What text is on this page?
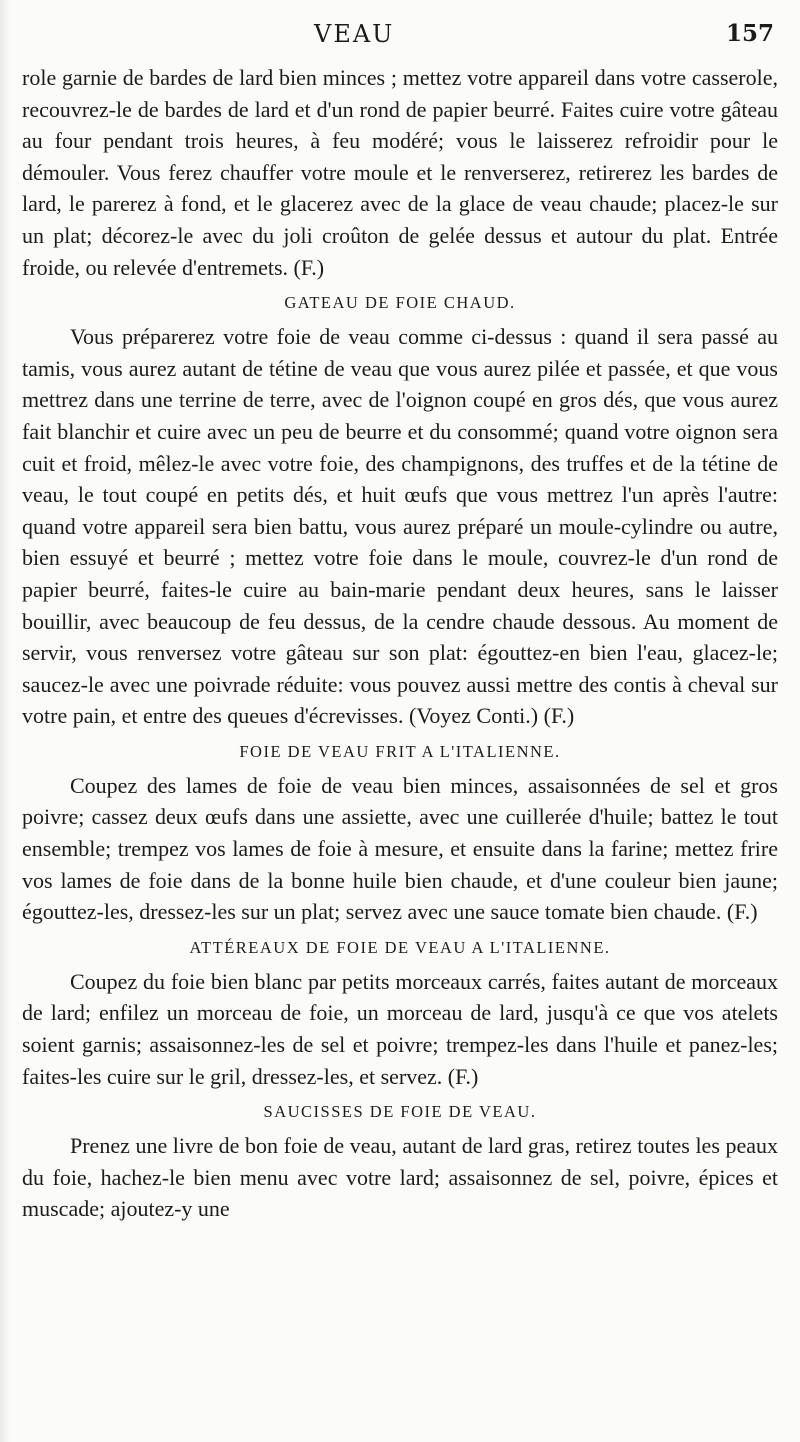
VEAU	157

role garnie de bardes de lard bien minces ; mettez votre appareil dans votre casserole, recouvrez-le de bardes de lard et d'un rond de papier beurré. Faites cuire votre gâteau au four pendant trois heures, à feu modéré; vous le laisserez refroidir pour le démouler. Vous ferez chauffer votre moule et le renverserez, retirerez les bardes de lard, le parerez à fond, et le glacerez avec de la glace de veau chaude; placez-le sur un plat; décorez-le avec du joli croûton de gelée dessus et autour du plat. Entrée froide, ou relevée d'entremets. (F.)

GATEAU DE FOIE CHAUD.

Vous préparerez votre foie de veau comme ci-dessus : quand il sera passé au tamis, vous aurez autant de tétine de veau que vous aurez pilée et passée, et que vous mettrez dans une terrine de terre, avec de l'oignon coupé en gros dés, que vous aurez fait blanchir et cuire avec un peu de beurre et du consommé; quand votre oignon sera cuit et froid, mêlez-le avec votre foie, des champignons, des truffes et de la tétine de veau, le tout coupé en petits dés, et huit œufs que vous mettrez l'un après l'autre: quand votre appareil sera bien battu, vous aurez préparé un moule-cylindre ou autre, bien essuyé et beurré ; mettez votre foie dans le moule, couvrez-le d'un rond de papier beurré, faites-le cuire au bain-marie pendant deux heures, sans le laisser bouillir, avec beaucoup de feu dessus, de la cendre chaude dessous. Au moment de servir, vous renversez votre gâteau sur son plat: égouttez-en bien l'eau, glacez-le; saucez-le avec une poivrade réduite: vous pouvez aussi mettre des contis à cheval sur votre pain, et entre des queues d'écrevisses. (Voyez Conti.) (F.)

FOIE DE VEAU FRIT A L'ITALIENNE.

Coupez des lames de foie de veau bien minces, assaisonnées de sel et gros poivre; cassez deux œufs dans une assiette, avec une cuillerée d'huile; battez le tout ensemble; trempez vos lames de foie à mesure, et ensuite dans la farine; mettez frire vos lames de foie dans de la bonne huile bien chaude, et d'une couleur bien jaune; égouttez-les, dressez-les sur un plat; servez avec une sauce tomate bien chaude. (F.)

ATTÉREAUX DE FOIE DE VEAU A L'ITALIENNE.

Coupez du foie bien blanc par petits morceaux carrés, faites autant de morceaux de lard; enfilez un morceau de foie, un morceau de lard, jusqu'à ce que vos atelets soient garnis; assaisonnez-les de sel et poivre; trempez-les dans l'huile et panez-les; faites-les cuire sur le gril, dressez-les, et servez. (F.)

SAUCISSES DE FOIE DE VEAU.

Prenez une livre de bon foie de veau, autant de lard gras, retirez toutes les peaux du foie, hachez-le bien menu avec votre lard; assaisonnez de sel, poivre, épices et muscade; ajoutez-y une
